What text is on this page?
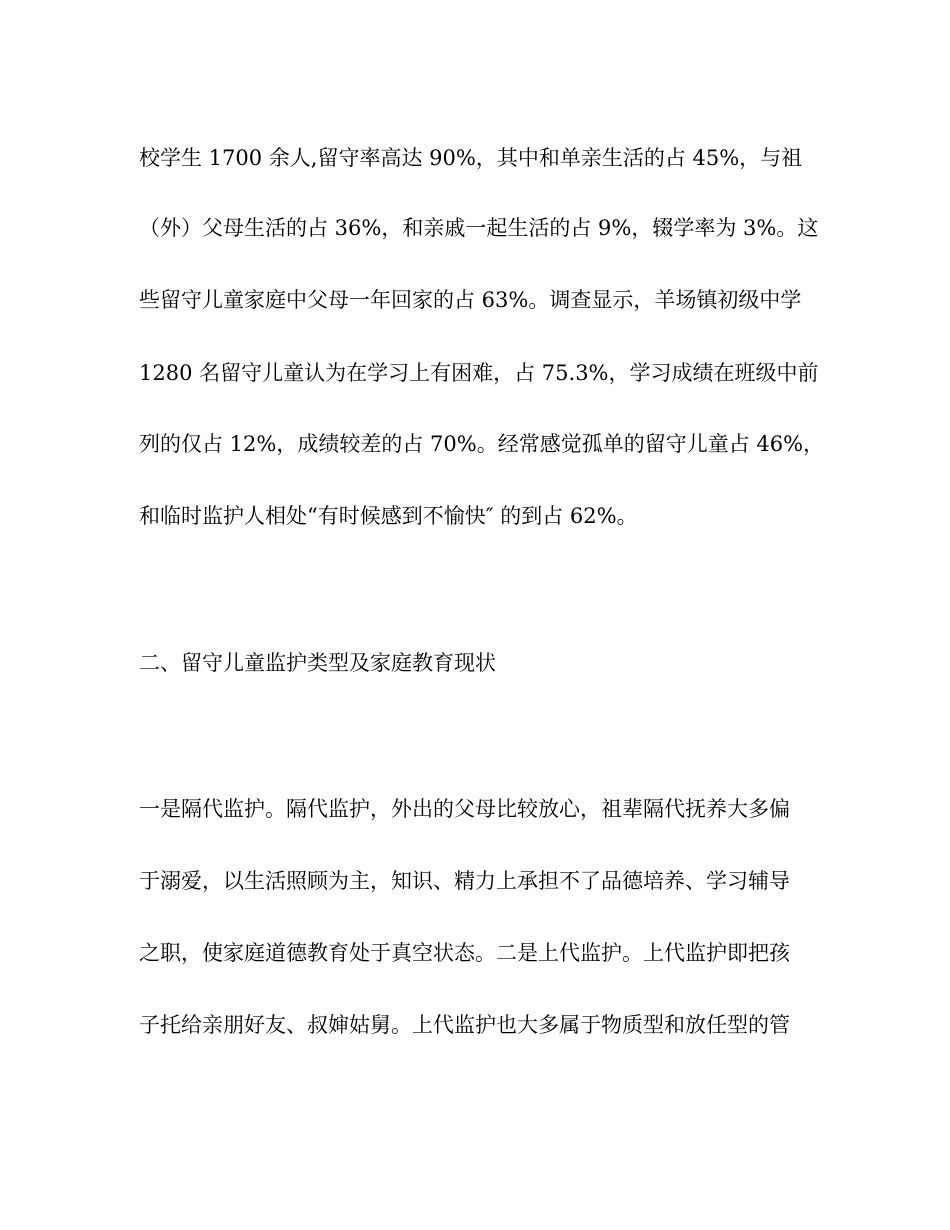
校学生 1700 余人,留守率高达 90%，其中和单亲生活的占 45%，与祖
（外）父母生活的占 36%，和亲戚一起生活的占 9%，辍学率为 3%。这
些留守儿童家庭中父母一年回家的占 63%。调查显示，羊场镇初级中学
1280 名留守儿童认为在学习上有困难，占 75.3%，学习成绩在班级中前
列的仅占 12%，成绩较差的占 70%。经常感觉孤单的留守儿童占 46%，
和临时监护人相处“有时候感到不愉快″ 的到占 62%。
二、留守儿童监护类型及家庭教育现状
一是隔代监护。隔代监护，外出的父母比较放心，祖辈隔代抚养大多偏
于溺爱，以生活照顾为主，知识、精力上承担不了品德培养、学习辅导
之职，使家庭道德教育处于真空状态。二是上代监护。上代监护即把孩
子托给亲朋好友、叔婶姑舅。上代监护也大多属于物质型和放任型的管
